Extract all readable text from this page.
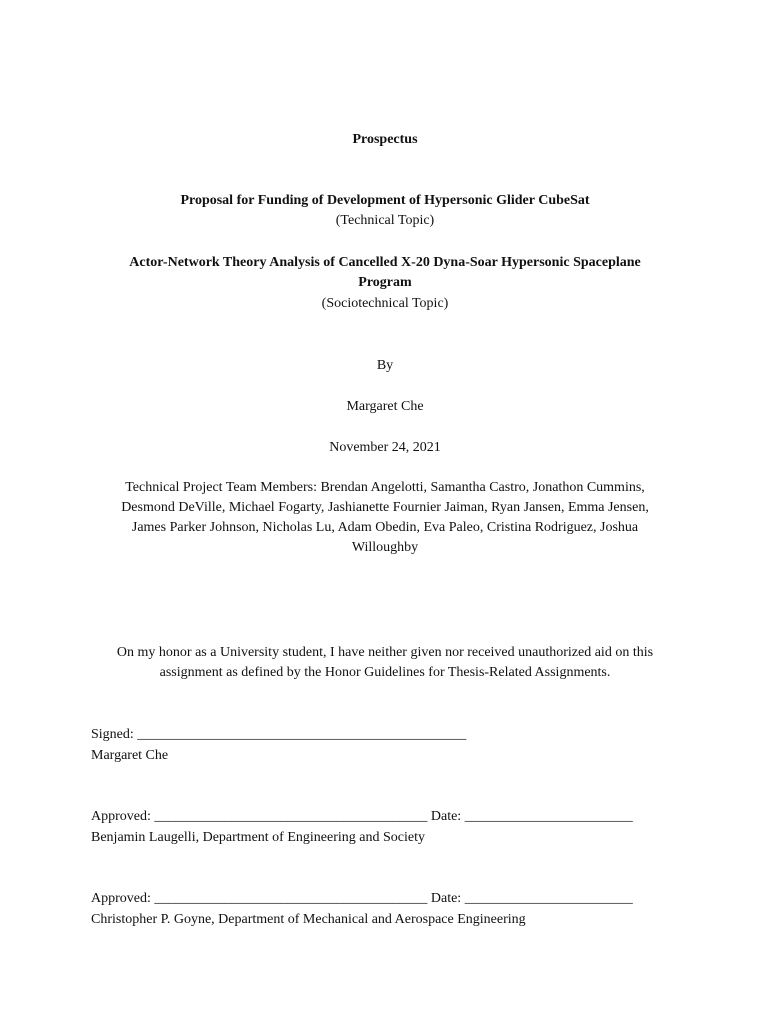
Prospectus
Proposal for Funding of Development of Hypersonic Glider CubeSat
(Technical Topic)
Actor-Network Theory Analysis of Cancelled X-20 Dyna-Soar Hypersonic Spaceplane
Program
(Sociotechnical Topic)
By
Margaret Che
November 24, 2021
Technical Project Team Members: Brendan Angelotti, Samantha Castro, Jonathon Cummins,
Desmond DeVille, Michael Fogarty, Jashianette Fournier Jaiman, Ryan Jansen, Emma Jensen,
James Parker Johnson, Nicholas Lu, Adam Obedin, Eva Paleo, Cristina Rodriguez, Joshua
Willoughby
On my honor as a University student, I have neither given nor received unauthorized aid on this
assignment as defined by the Honor Guidelines for Thesis-Related Assignments.
Signed: _______________________________________________
Margaret Che
Approved: _______________________________________ Date: ________________________
Benjamin Laugelli, Department of Engineering and Society
Approved: _______________________________________ Date: ________________________
Christopher P. Goyne, Department of Mechanical and Aerospace Engineering
